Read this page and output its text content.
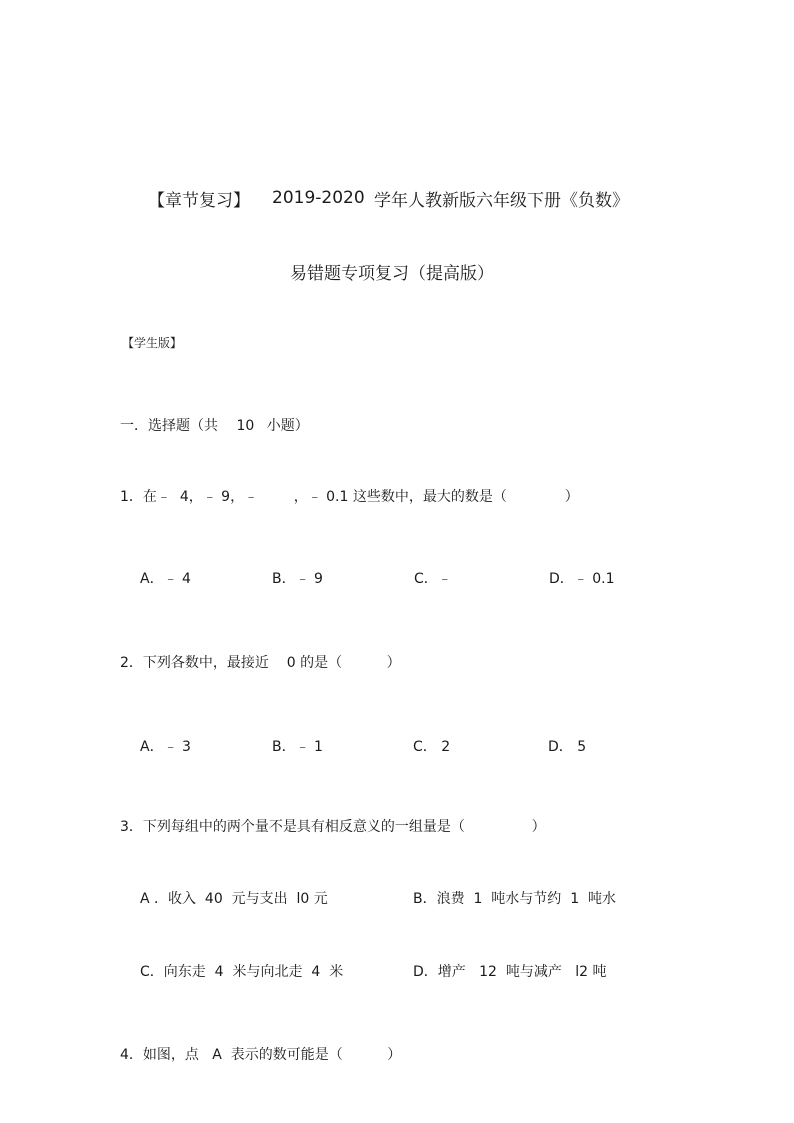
【章节复习】 2019-2020 学年人教新版六年级下册《负数》
易错题专项复习（提高版）
【学生版】
一．选择题（共 10 小题）
1．在﹣  4，﹣ 9，﹣        ，﹣ 0.1 这些数中，最大的数是（             ）
A．﹣ 4	B．﹣ 9	C．﹣	D．﹣ 0.1
2．下列各数中，最接近    0 的是（          ）
A．﹣ 3	B．﹣ 1	C． 2	D． 5
3．下列每组中的两个量不是具有相反意义的一组量是（               ）
A ．收入  40  元与支出  l0 元	B．浪费  1  吨水与节约  1  吨水
C．向东走  4  米与向北走  4  米	D．增产   12  吨与减产   l2 吨
4．如图，点   A  表示的数可能是（          ）
